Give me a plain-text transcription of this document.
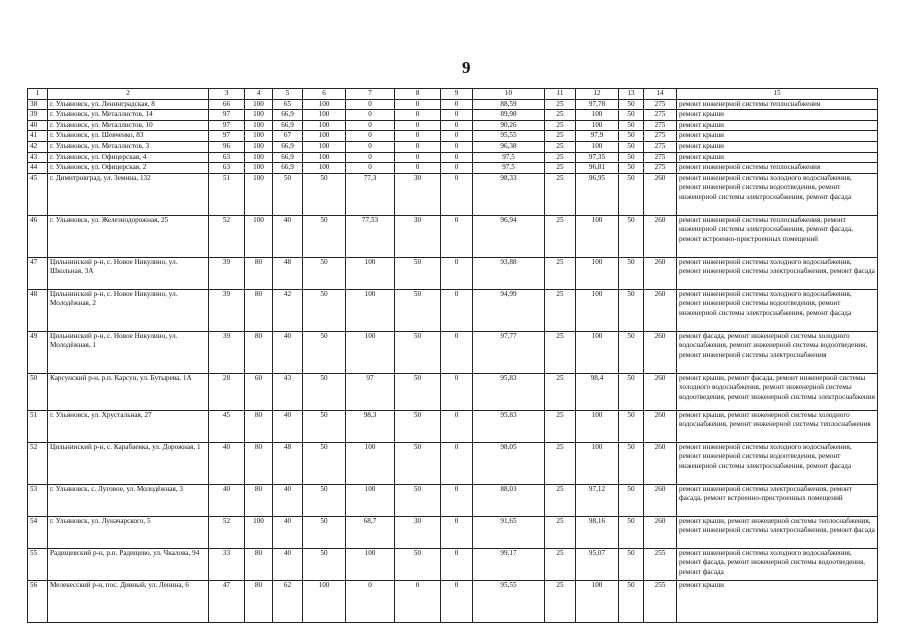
9
1	2	3	4	5	6	7	8	9	10	11	12	13	14	15
38	г. Ульяновск, ул. Ленинградская, 8	66	100	65	100	0	0	0	88,59	25	97,78	50	275	ремонт инженерной системы теплоснабжения
39	г. Ульяновск, ул. Металлистов, 14	97	100	66,9	100	0	0	0	89,98	25	100	50	275	ремонт крыши
40	г. Ульяновск, ул. Металлистов, 10	97	100	66,9	100	0	0	0	90,26	25	100	50	275	ремонт крыши
41	г. Ульяновск, ул. Шевченко, 83	97	100	67	100	0	0	0	95,55	25	97,9	50	275	ремонт крыши
42	г. Ульяновск, ул. Металлистов, 3	96	100	66,9	100	0	0	0	96,38	25	100	50	275	ремонт крыши
43	г. Ульяновск, ул. Офицерская, 4	63	100	66,9	100	0	0	0	97,5	25	97,35	50	275	ремонт крыши
44	г. Ульяновск, ул. Офицерская, 2	63	100	66,9	100	0	0	0	97,5	25	96,81	50	275	ремонт инженерной системы теплоснабжения
45	г. Димитровград, ул. Земина, 132	51	100	50	50	77,3	30	0	98,33	25	96,95	50	260	ремонт инженерной системы холодного водоснабжения, ремонт инженерной системы водоотведения, ремонт инженерной системы электроснабжения, ремонт фасада
46	г. Ульяновск, ул. Железнодорожная, 25	52	100	40	50	77,53	30	0	96,94	25	100	50	260	ремонт инженерной системы теплоснабжения, ремонт инженерной системы электроснабжения, ремонт фасада, ремонт встроенно-пристроенных помещений
47	Цильнинский р-н, с. Новое Никулино, ул. Школьная, 3А	39	80	48	50	100	50	0	93,88	25	100	50	260	ремонт инженерной системы холодного водоснабжения, ремонт инженерной системы электроснабжения, ремонт фасада
48	Цильнинский р-н, с. Новое Никулино, ул. Молодёжная, 2	39	80	42	50	100	50	0	94,99	25	100	50	260	ремонт инженерной системы холодного водоснабжения, ремонт инженерной системы водоотведения, ремонт инженерной системы электроснабжения, ремонт фасада
49	Цильнинский р-н, с. Новое Никулино, ул. Молодёжная, 1	39	80	40	50	100	50	0	97,77	25	100	50	260	ремонт фасада, ремонт инженерной системы холодного водоснабжения, ремонт инженерной системы водоотведения, ремонт инженерной системы электроснабжения
50	Карсунский р-н, р.п. Карсун, ул. Бутырева, 1А	28	60	43	50	97	50	0	95,83	25	98,4	50	260	ремонт крыши, ремонт фасада, ремонт инженерной системы холодного водоснабжения, ремонт инженерной системы водоотведения, ремонт инженерной системы электроснабжения
51	г. Ульяновск, ул. Хрустальная, 27	45	80	40	50	98,3	50	0	95,83	25	100	50	260	ремонт крыши, ремонт инженерной системы холодного водоснабжения, ремонт инженерной системы теплоснабжения
52	Цильнинский р-н, с. Карабаевка, ул. Дорожная, 1	40	80	48	50	100	50	0	98,05	25	100	50	260	ремонт инженерной системы холодного водоснабжения, ремонт инженерной системы водоотведения, ремонт инженерной системы электроснабжения, ремонт фасада
53	г. Ульяновск, с. Луговое, ул. Молодёжная, 3	40	80	40	50	100	50	0	88,03	25	97,12	50	260	ремонт инженерной системы электроснабжения, ремонт фасада, ремонт встроенно-пристроенных помещений
54	г. Ульяновск, ул. Луначарского, 5	52	100	40	50	68,7	30	0	91,65	25	98,16	50	260	ремонт крыши, ремонт инженерной системы теплоснабжения, ремонт инженерной системы электроснабжения, ремонт фасада
55	Радищевский р-н, р.п. Радищево, ул. Чкалова, 94	33	80	40	50	100	50	0	99,17	25	95,07	50	255	ремонт инженерной системы холодного водоснабжения, ремонт фасада, ремонт инженерной системы водоотведения, ремонт фасада
56	Мелекесский р-н, пос. Дивный, ул. Ленина, 6	47	80	62	100	0	0	0	95,55	25	100	50	255	ремонт крыши
